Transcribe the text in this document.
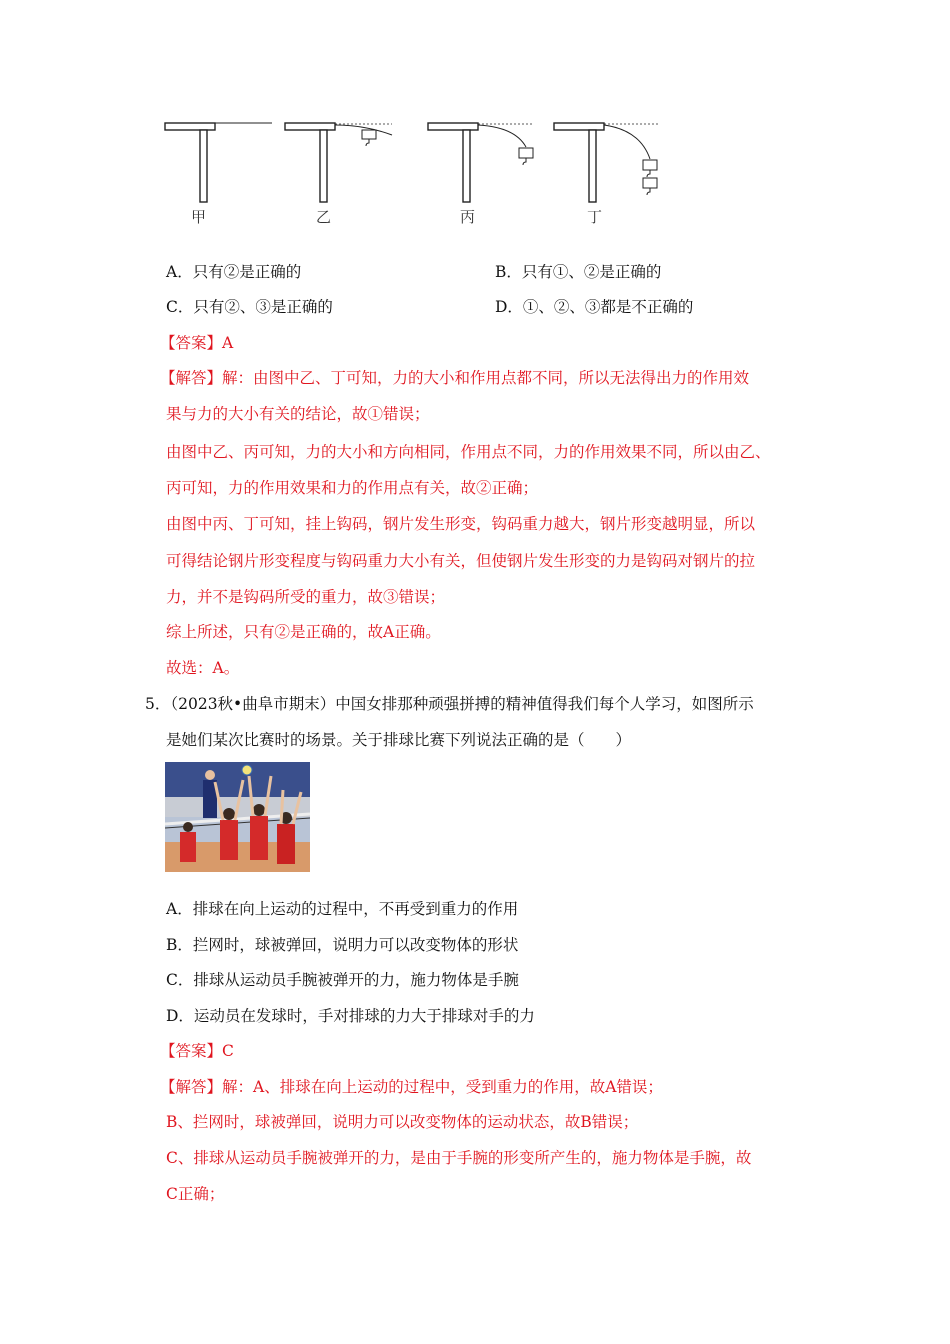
甲	乙	丙	丁
A．只有②是正确的	B．只有①、②是正确的
C．只有②、③是正确的	D．①、②、③都是不正确的
【答案】A
【解答】解：由图中乙、丁可知，力的大小和作用点都不同，所以无法得出力的作用效
果与力的大小有关的结论，故①错误；
由图中乙、丙可知，力的大小和方向相同，作用点不同，力的作用效果不同，所以由乙、
丙可知，力的作用效果和力的作用点有关，故②正确；
由图中丙、丁可知，挂上钩码，钢片发生形变，钩码重力越大，钢片形变越明显，所以
可得结论钢片形变程度与钩码重力大小有关，但使钢片发生形变的力是钩码对钢片的拉
力，并不是钩码所受的重力，故③错误；
综上所述，只有②是正确的，故A正确。
故选：A。
5．（2023秋•曲阜市期末）中国女排那种顽强拼搏的精神值得我们每个人学习，如图所示
是她们某次比赛时的场景。关于排球比赛下列说法正确的是（　　）
A．排球在向上运动的过程中，不再受到重力的作用
B．拦网时，球被弹回，说明力可以改变物体的形状
C．排球从运动员手腕被弹开的力，施力物体是手腕
D．运动员在发球时，手对排球的力大于排球对手的力
【答案】C
【解答】解：A、排球在向上运动的过程中，受到重力的作用，故A错误；
B、拦网时，球被弹回，说明力可以改变物体的运动状态，故B错误；
C、排球从运动员手腕被弹开的力，是由于手腕的形变所产生的，施力物体是手腕，故
C正确；
